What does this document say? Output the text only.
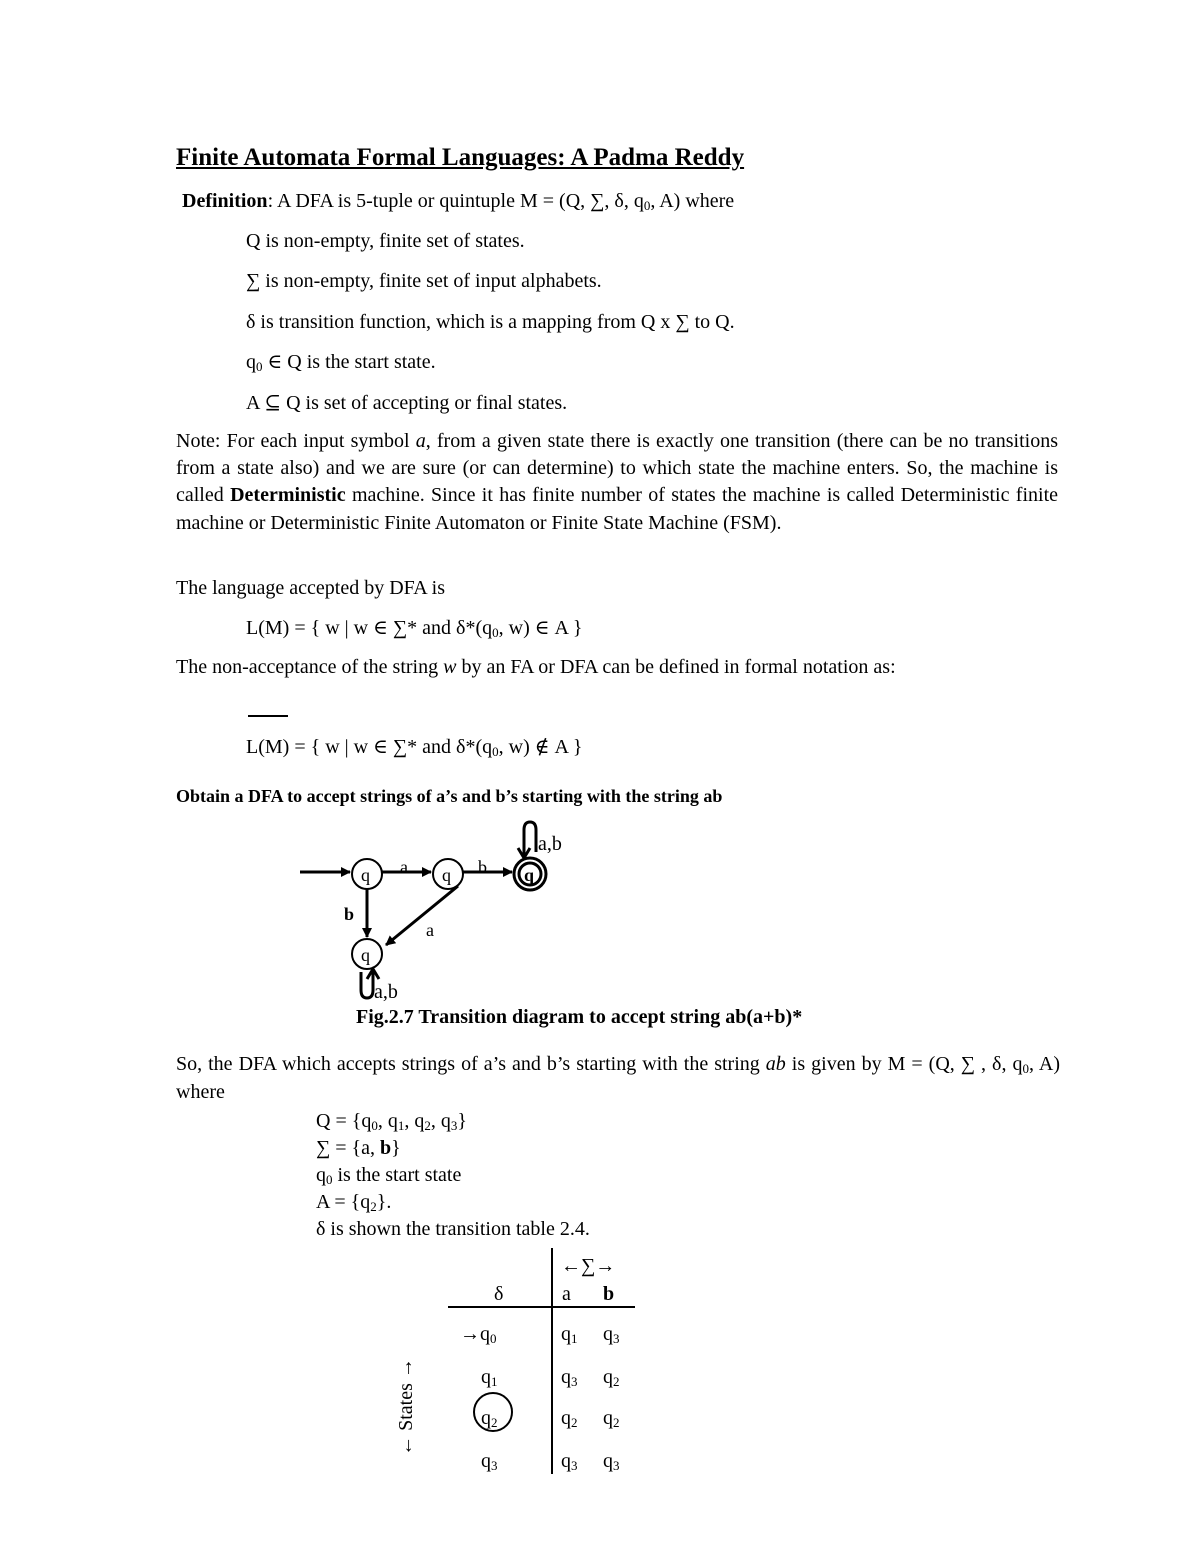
Finite Automata Formal Languages: A Padma Reddy
Definition: A DFA is 5-tuple or quintuple M = (Q, ∑, δ, $q_0$, A) where
Q is non-empty, finite set of states.
∑ is non-empty, finite set of input alphabets.
δ is transition function, which is a mapping from Q x ∑ to Q.
$q_0$ ∈ Q is the start state.
A ⊆ Q is set of accepting or final states.
Note: For each input symbol a, from a given state there is exactly one transition (there can be no transitions from a state also) and we are sure (or can determine) to which state the machine enters. So, the machine is called Deterministic machine. Since it has finite number of states the machine is called Deterministic finite machine or Deterministic Finite Automaton or Finite State Machine (FSM).
The language accepted by DFA is
L(M) = { w | w ∈ ∑* and $\delta*(q_0$, w) ∈ A }
The non-acceptance of the string w by an FA or DFA can be defined in formal notation as:
L(M) = { w | w ∈ ∑* and $\delta*(q_0$, w) ∉ A }
Obtain a DFA to accept strings of a’s and b’s starting with the string ab
q a q b q
a,b
b
a
q
a,b
Fig.2.7 Transition diagram to accept string ab(a+b)*
So, the DFA which accepts strings of a’s and b’s starting with the string ab is given by M = (Q, ∑ , δ, $q_0$, A) where
$Q = \{q_0$, $q_1$, $q_2$, $q_3$}
∑ = {a, b}
$q_0$ is the start state
$A = \{q_2\}$.
δ is shown the transition table 2.4.
←∑→
δ	a b
← States →
$\to q_0$	$q_1$ $q_3$
$q_1$	$q_3$ $q_2$
$q_2$	$q_2$ $q_2$
$q_3$	$q_3$ $q_3$
